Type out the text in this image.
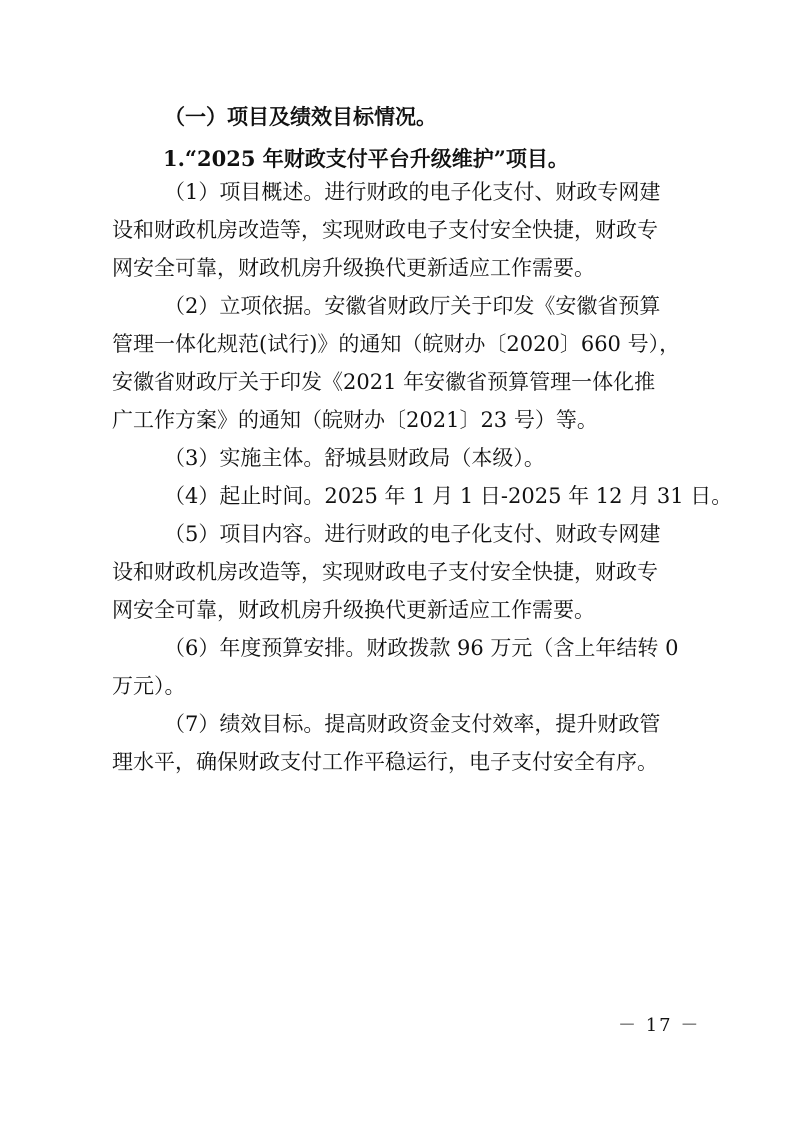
（一）项目及绩效目标情况。
1.“2025 年财政支付平台升级维护”项目。
（1）项目概述。进行财政的电子化支付、财政专网建
设和财政机房改造等，实现财政电子支付安全快捷，财政专
网安全可靠，财政机房升级换代更新适应工作需要。
（2）立项依据。安徽省财政厅关于印发《安徽省预算
管理一体化规范(试行)》的通知（皖财办〔2020〕660 号），
安徽省财政厅关于印发《2021 年安徽省预算管理一体化推
广工作方案》的通知（皖财办〔2021〕23 号）等。
（3）实施主体。舒城县财政局（本级）。
（4）起止时间。2025 年 1 月 1 日-2025 年 12 月 31 日。
（5）项目内容。进行财政的电子化支付、财政专网建
设和财政机房改造等，实现财政电子支付安全快捷，财政专
网安全可靠，财政机房升级换代更新适应工作需要。
（6）年度预算安排。财政拨款 96 万元（含上年结转 0
万元）。
（7）绩效目标。提高财政资金支付效率，提升财政管
理水平，确保财政支付工作平稳运行，电子支付安全有序。
－ 17 －
